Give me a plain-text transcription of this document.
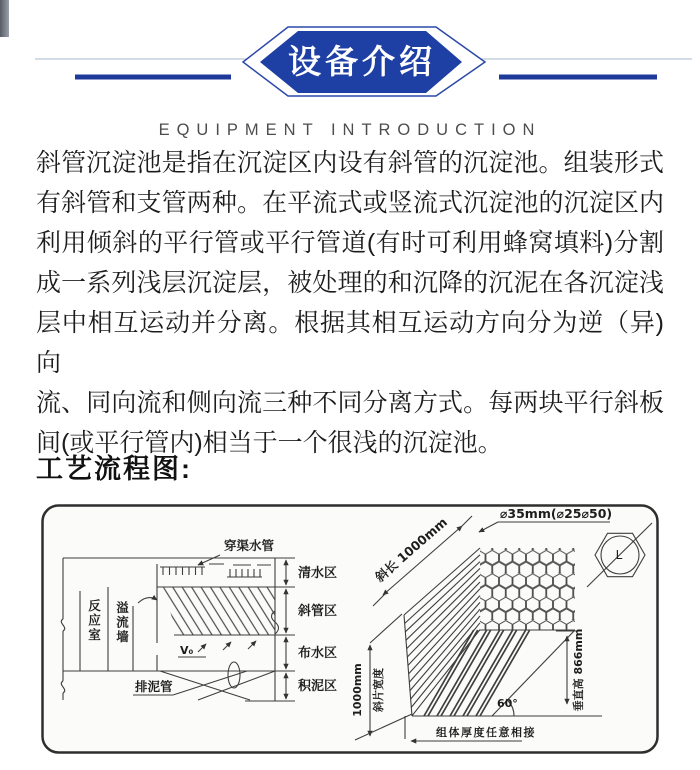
设备介绍
EQUIPMENT INTRODUCTION
斜管沉淀池是指在沉淀区内设有斜管的沉淀池。组装形式
有斜管和支管两种。在平流式或竖流式沉淀池的沉淀区内
利用倾斜的平行管或平行管道(有时可利用蜂窝填料)分割
成一系列浅层沉淀层，被处理的和沉降的沉泥在各沉淀浅
层中相互运动并分离。根据其相互运动方向分为逆（异)向
流、同向流和侧向流三种不同分离方式。每两块平行斜板
间(或平行管内)相当于一个很浅的沉淀池。
工艺流程图:
穿渠水管
清水区
斜管区
布水区
积泥区
反应室 溢流墙
V₀
排泥管
⌀35mm(⌀25⌀50)
斜长 1000mm
1000mm 斜片宽度	垂直高 866mm
60°
组体厚度任意相接
L
